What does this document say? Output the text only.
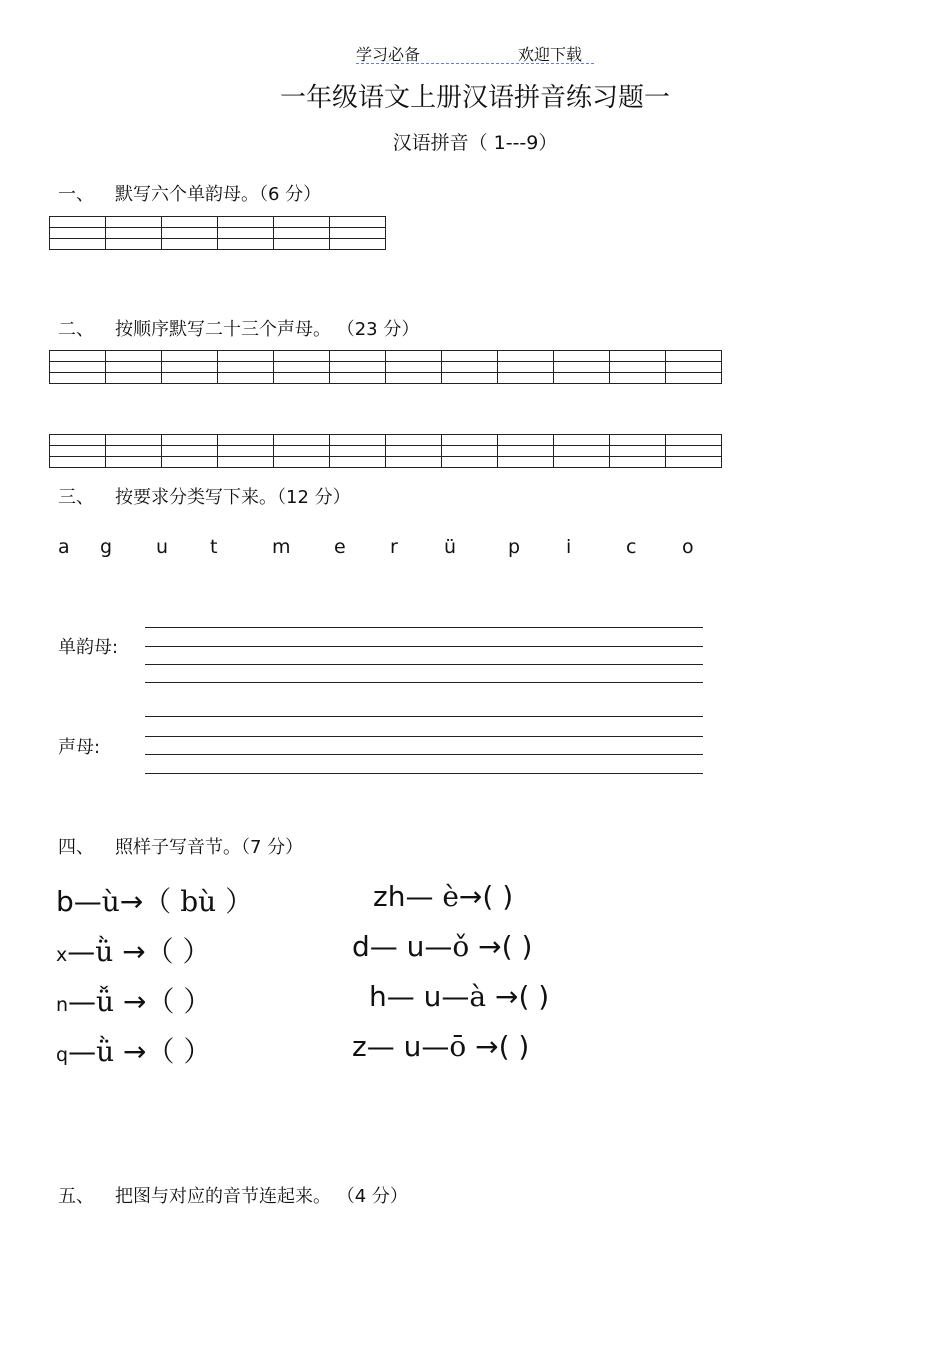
学习必备	欢迎下载
一年级语文上册汉语拼音练习题一
汉语拼音（ 1---9）
一、 默写六个单韵母。（6 分）

二、 按顺序默写二十三个声母。 （23 分）

三、 按要求分类写下来。（12 分）
a g u t	m e r ü	p i	c o
单韵母:
声母:
四、 照样子写音节。（7 分）
b—ù→（ bù ）	zh— è→( )
x—ǜ →（ ）	d— u—ǒ →( )
n—ǚ →（ ）	h— u—à →( )
q—ǜ →（ ）	z— u—ō →( )
五、 把图与对应的音节连起来。 （4 分）
